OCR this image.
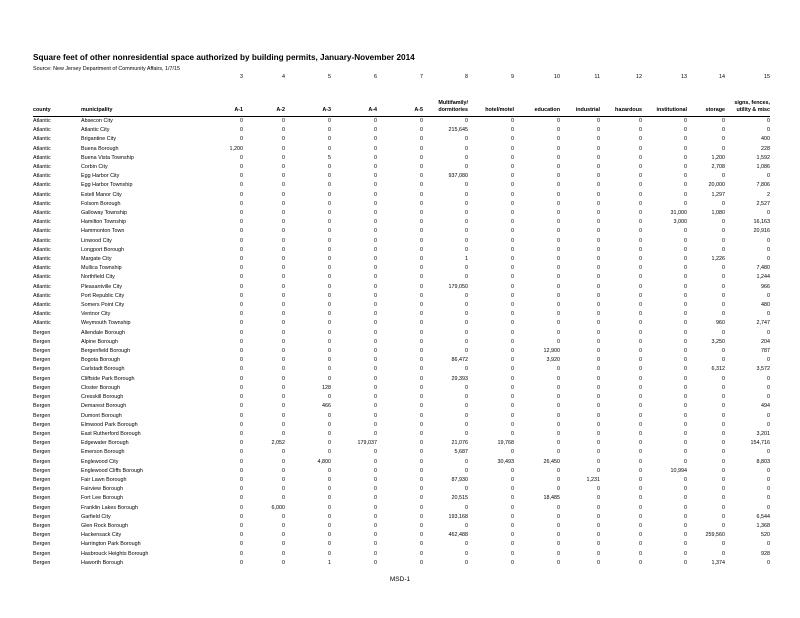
Square feet of other nonresidential space authorized by building permits, January-November 2014
Source: New Jersey Department of Community Affairs, 1/7/15
		3	4	5	6	7	8	9	10	11	12	13	14	15
county	municipality	A-1	A-2	A-3	A-4	A-5	Multifamily/ dormitories	hotel/motel	education	industrial	hazardous	institutional	storage	signs, fences, utility & misc
Atlantic	Absecon City	0	0	0	0	0	0	0	0	0	0	0	0	0
Atlantic	Atlantic City	0	0	0	0	0	215,645	0	0	0	0	0	0	0
Atlantic	Brigantine City	0	0	0	0	0	0	0	0	0	0	0	0	400
Atlantic	Buena Borough	1,200	0	0	0	0	0	0	0	0	0	0	0	228
Atlantic	Buena Vista Township	0	0	5	0	0	0	0	0	0	0	0	1,200	1,592
Atlantic	Corbin City	0	0	0	0	0	0	0	0	0	0	0	2,708	1,086
Atlantic	Egg Harbor City	0	0	0	0	0	937,080	0	0	0	0	0	0	0
Atlantic	Egg Harbor Township	0	0	0	0	0	0	0	0	0	0	0	20,000	7,806
Atlantic	Estell Manor City	0	0	0	0	0	0	0	0	0	0	0	1,297	2
Atlantic	Folsom Borough	0	0	0	0	0	0	0	0	0	0	0	0	2,527
Atlantic	Galloway Township	0	0	0	0	0	0	0	0	0	0	31,000	1,080	0
Atlantic	Hamilton Township	0	0	0	0	0	0	0	0	0	0	3,000	0	16,163
Atlantic	Hammonton Town	0	0	0	0	0	0	0	0	0	0	0	0	20,916
Atlantic	Linwood City	0	0	0	0	0	0	0	0	0	0	0	0	0
Atlantic	Longport Borough	0	0	0	0	0	0	0	0	0	0	0	0	0
Atlantic	Margate City	0	0	0	0	0	1	0	0	0	0	0	1,226	0
Atlantic	Mullica Township	0	0	0	0	0	0	0	0	0	0	0	0	7,480
Atlantic	Northfield City	0	0	0	0	0	0	0	0	0	0	0	0	1,244
Atlantic	Pleasantville City	0	0	0	0	0	179,050	0	0	0	0	0	0	966
Atlantic	Port Republic City	0	0	0	0	0	0	0	0	0	0	0	0	0
Atlantic	Somers Point City	0	0	0	0	0	0	0	0	0	0	0	0	480
Atlantic	Ventnor City	0	0	0	0	0	0	0	0	0	0	0	0	0
Atlantic	Weymouth Township	0	0	0	0	0	0	0	0	0	0	0	960	2,747
Bergen	Allendale Borough	0	0	0	0	0	0	0	0	0	0	0	0	0
Bergen	Alpine Borough	0	0	0	0	0	0	0	0	0	0	0	3,250	204
Bergen	Bergenfield Borough	0	0	0	0	0	0	0	12,900	0	0	0	0	787
Bergen	Bogota Borough	0	0	0	0	0	86,472	0	3,920	0	0	0	0	0
Bergen	Carlstadt Borough	0	0	0	0	0	0	0	0	0	0	0	6,312	3,572
Bergen	Cliffside Park Borough	0	0	0	0	0	29,393	0	0	0	0	0	0	0
Bergen	Closter Borough	0	0	128	0	0	0	0	0	0	0	0	0	0
Bergen	Cresskill Borough	0	0	0	0	0	0	0	0	0	0	0	0	0
Bergen	Demarest Borough	0	0	466	0	0	0	0	0	0	0	0	0	494
Bergen	Dumont Borough	0	0	0	0	0	0	0	0	0	0	0	0	0
Bergen	Elmwood Park Borough	0	0	0	0	0	0	0	0	0	0	0	0	0
Bergen	East Rutherford Borough	0	0	0	0	0	0	0	0	0	0	0	0	3,201
Bergen	Edgewater Borough	0	2,052	0	179,037	0	21,076	19,768	0	0	0	0	0	154,716
Bergen	Emerson Borough	0	0	0	0	0	5,687	0	0	0	0	0	0	0
Bergen	Englewood City	0	0	4,800	0	0	0	30,493	26,450	0	0	0	0	8,803
Bergen	Englewood Cliffs Borough	0	0	0	0	0	0	0	0	0	0	10,994	0	0
Bergen	Fair Lawn Borough	0	0	0	0	0	87,930	0	0	1,231	0	0	0	0
Bergen	Fairview Borough	0	0	0	0	0	0	0	0	0	0	0	0	0
Bergen	Fort Lee Borough	0	0	0	0	0	20,515	0	18,485	0	0	0	0	0
Bergen	Franklin Lakes Borough	0	6,000	0	0	0	0	0	0	0	0	0	0	0
Bergen	Garfield City	0	0	0	0	0	193,168	0	0	0	0	0	0	6,544
Bergen	Glen Rock Borough	0	0	0	0	0	0	0	0	0	0	0	0	1,368
Bergen	Hackensack City	0	0	0	0	0	462,488	0	0	0	0	0	259,560	520
Bergen	Harrington Park Borough	0	0	0	0	0	0	0	0	0	0	0	0	0
Bergen	Hasbrouck Heights Borough	0	0	0	0	0	0	0	0	0	0	0	0	928
Bergen	Haworth Borough	0	0	1	0	0	0	0	0	0	0	0	1,374	0
MSD-1
